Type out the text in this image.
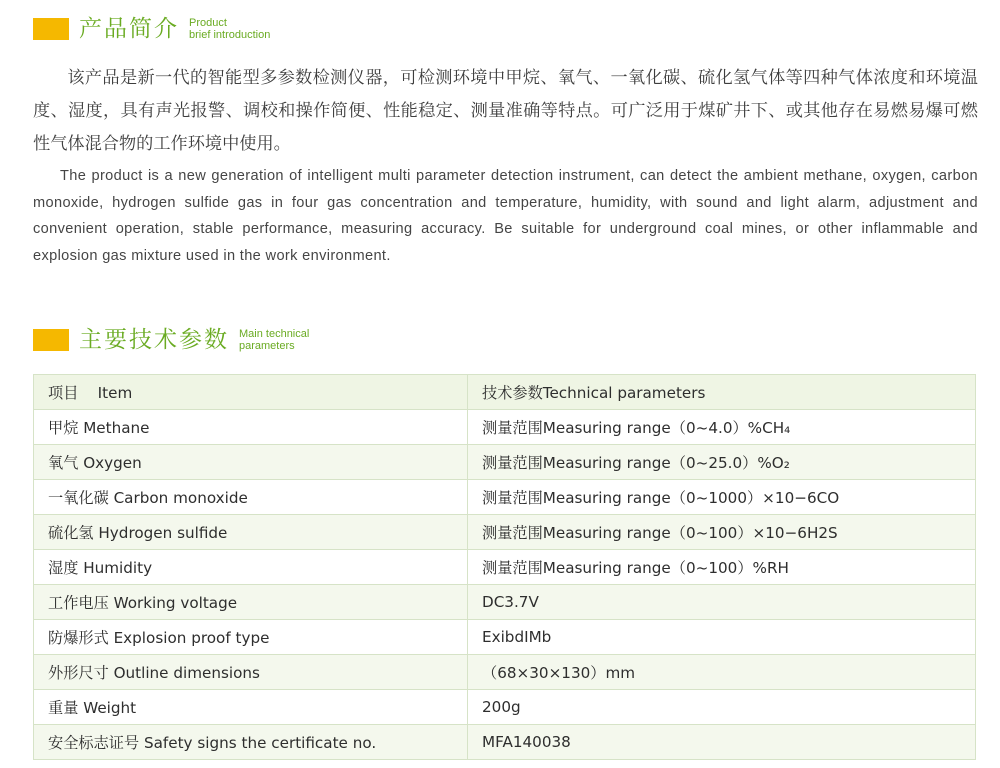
产品简介 Product
brief introduction

该产品是新一代的智能型多参数检测仪器，可检测环境中甲烷、氧气、一氧化碳、硫化氢气体等四种气体浓度和环境温度、湿度，具有声光报警、调校和操作简便、性能稳定、测量准确等特点。可广泛用于煤矿井下、或其他存在易燃易爆可燃性气体混合物的工作环境中使用。

The product is a new generation of intelligent multi parameter detection instrument, can detect the ambient methane, oxygen, carbon monoxide, hydrogen sulfide gas in four gas concentration and temperature, humidity, with sound and light alarm, adjustment and convenient operation, stable performance, measuring accuracy. Be suitable for underground coal mines, or other inflammable and explosion gas mixture used in the work environment.

主要技术参数 Main technical
parameters
项目    Item	技术参数Technical parameters
甲烷 Methane	测量范围Measuring range（0~4.0）%CH₄
氧气 Oxygen	测量范围Measuring range（0~25.0）%O₂
一氧化碳 Carbon monoxide	测量范围Measuring range（0~1000）×10−6CO
硫化氢 Hydrogen sulfide	测量范围Measuring range（0~100）×10−6H2S
湿度 Humidity	测量范围Measuring range（0~100）%RH
工作电压 Working voltage	DC3.7V
防爆形式 Explosion proof type	ExibdIMb
外形尺寸 Outline dimensions	（68×30×130）mm
重量 Weight	200g
安全标志证号 Safety signs the certificate no.	MFA140038
